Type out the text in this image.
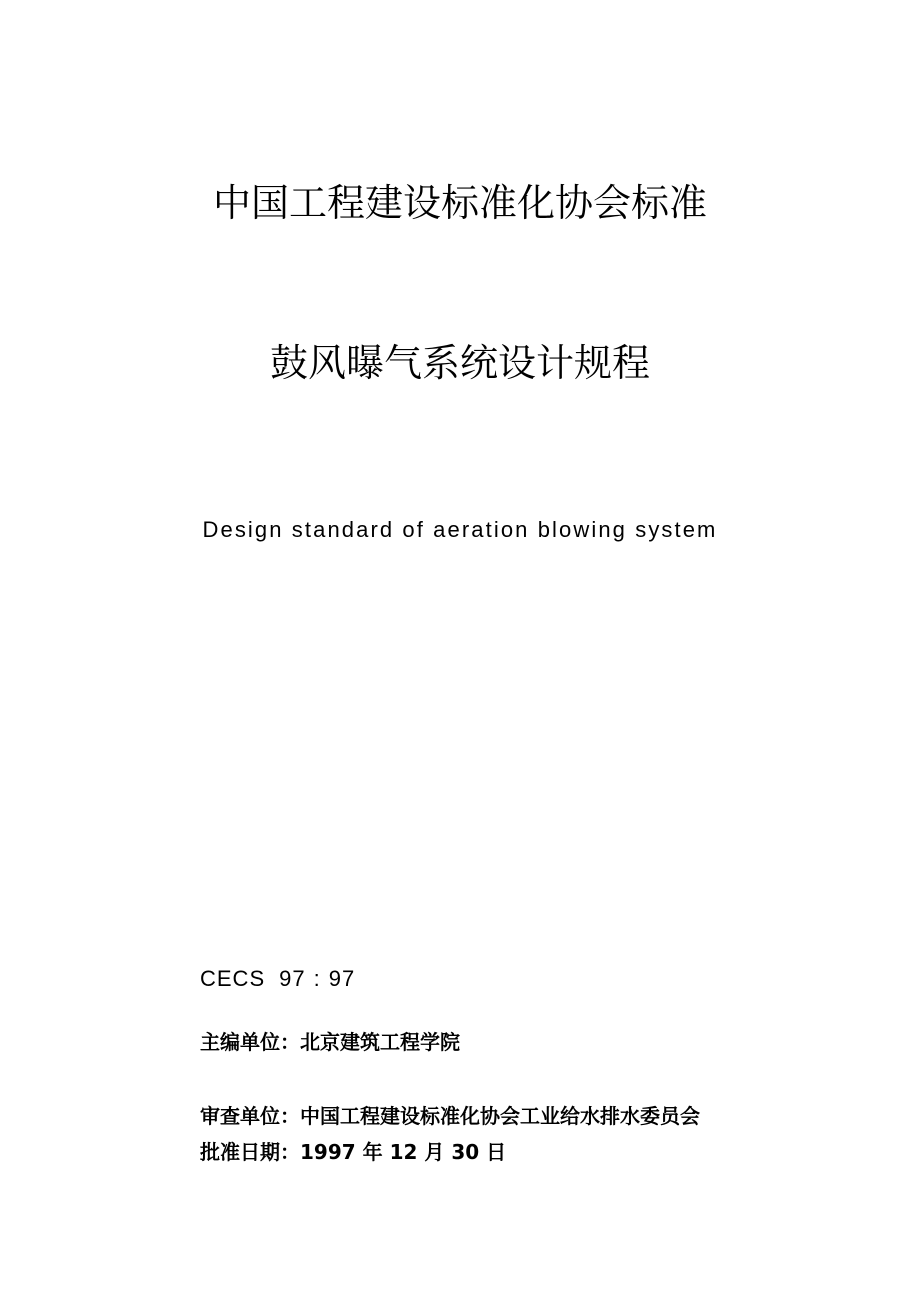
中国工程建设标准化协会标准
鼓风曝气系统设计规程
Design standard of aeration blowing system
CECS 97 : 97
主编单位：北京建筑工程学院
审查单位：中国工程建设标准化协会工业给水排水委员会
批准日期：1997 年 12 月 30 日
